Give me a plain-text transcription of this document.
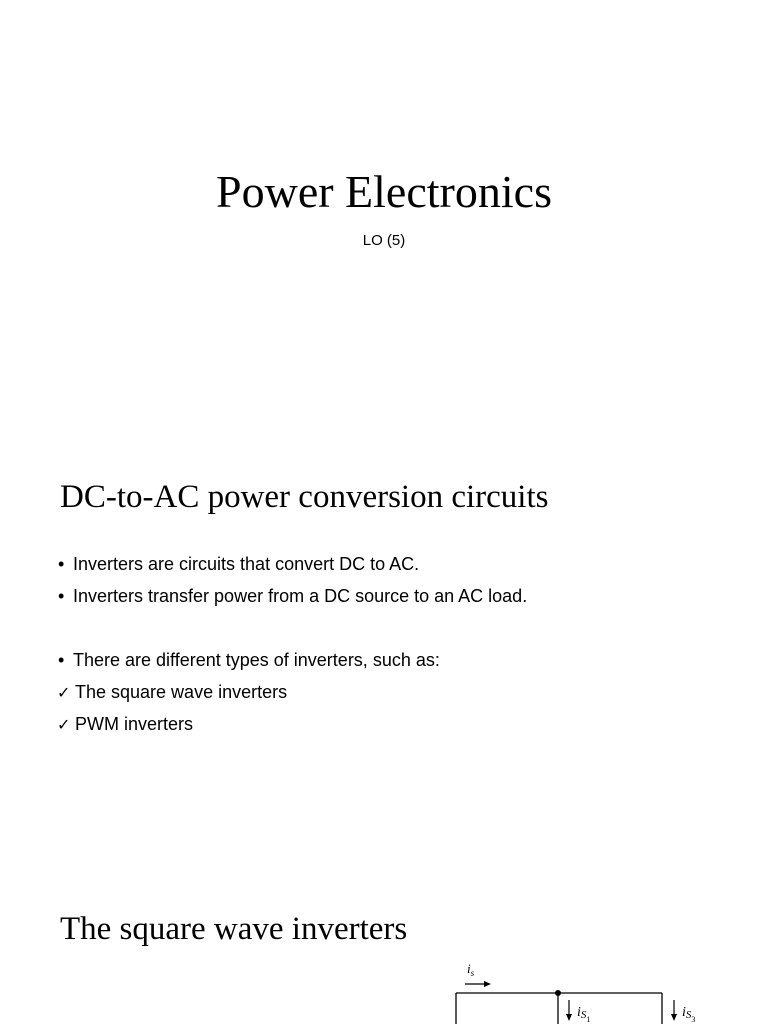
Power Electronics
LO (5)
DC-to-AC power conversion circuits
• Inverters are circuits that convert DC to AC.
• Inverters transfer power from a DC source to an AC load.
• There are different types of inverters, such as:
✓ The square wave inverters
✓ PWM inverters
The square wave inverters
$i_s$
$iS_1$	$iS_3$
